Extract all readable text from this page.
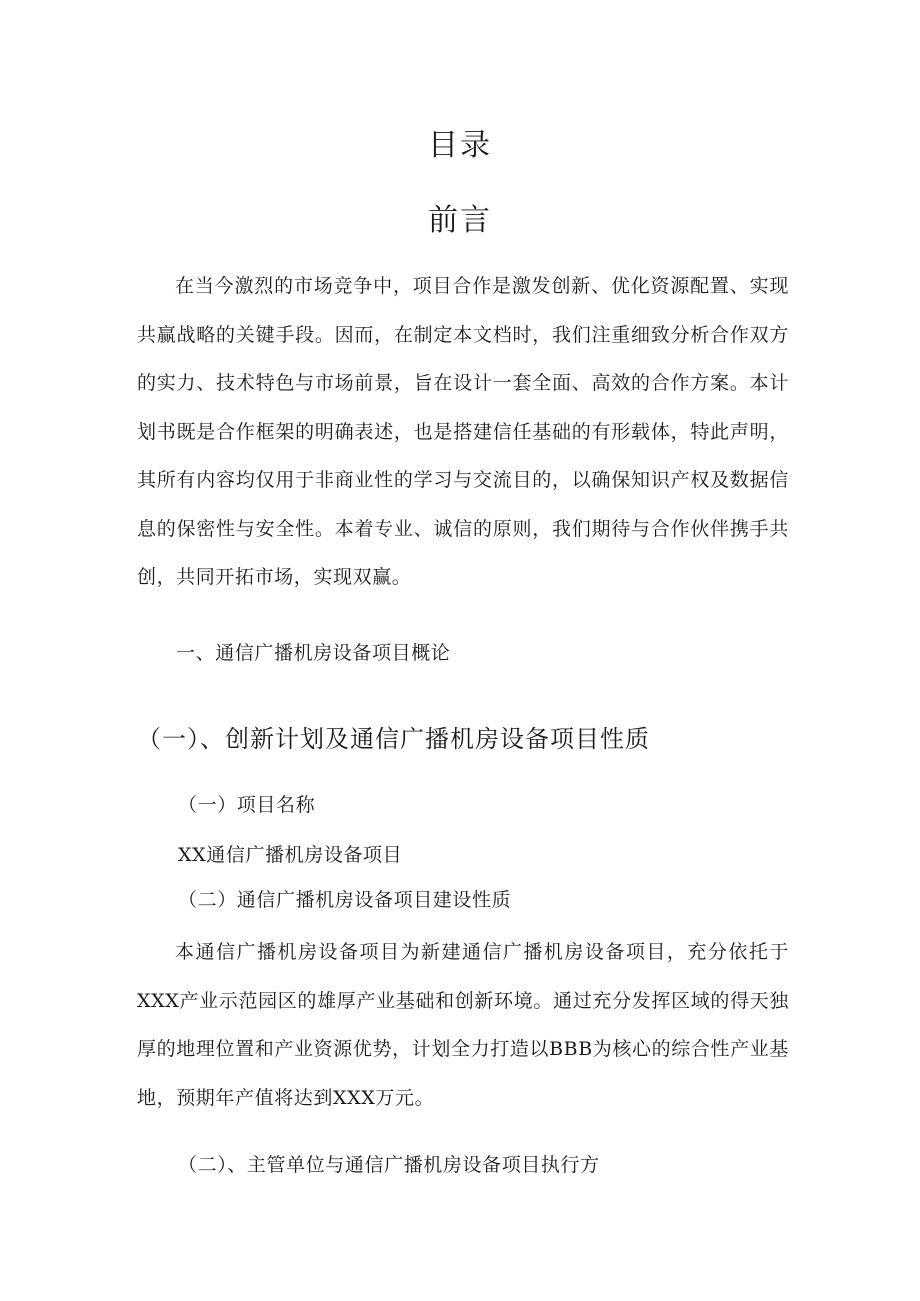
目录
前言

在当今激烈的市场竞争中，项目合作是激发创新、优化资源配置、实现共赢战略的关键手段。因而，在制定本文档时，我们注重细致分析合作双方的实力、技术特色与市场前景，旨在设计一套全面、高效的合作方案。本计划书既是合作框架的明确表述，也是搭建信任基础的有形载体，特此声明，其所有内容均仅用于非商业性的学习与交流目的，以确保知识产权及数据信息的保密性与安全性。本着专业、诚信的原则，我们期待与合作伙伴携手共创，共同开拓市场，实现双赢。

一、通信广播机房设备项目概论

（一）、创新计划及通信广播机房设备项目性质

（一）项目名称

XX通信广播机房设备项目

（二）通信广播机房设备项目建设性质

本通信广播机房设备项目为新建通信广播机房设备项目，充分依托于XXX产业示范园区的雄厚产业基础和创新环境。通过充分发挥区域的得天独厚的地理位置和产业资源优势，计划全力打造以BBB为核心的综合性产业基地，预期年产值将达到XXX万元。

（二）、主管单位与通信广播机房设备项目执行方
